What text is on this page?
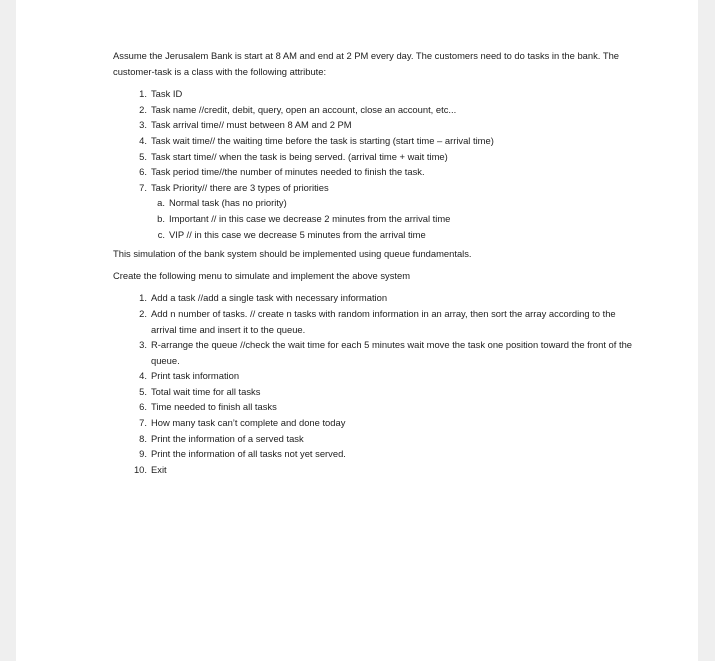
Assume the Jerusalem Bank is start at 8 AM and end at 2 PM every day. The customers need to do tasks in the bank. The customer-task is a class with the following attribute:

1. Task ID
2. Task name //credit, debit, query, open an account, close an account, etc...
3. Task arrival time// must between 8 AM and 2 PM
4. Task wait time// the waiting time before the task is starting (start time – arrival time)
5. Task start time// when the task is being served. (arrival time + wait time)
6. Task period time//the number of minutes needed to finish the task.
7. Task Priority// there are 3 types of priorities
a. Normal task (has no priority)
b. Important // in this case we decrease 2 minutes from the arrival time
c. VIP // in this case we decrease 5 minutes from the arrival time

This simulation of the bank system should be implemented using queue fundamentals.

Create the following menu to simulate and implement the above system

1. Add a task //add a single task with necessary information
2. Add n number of tasks. // create n tasks with random information in an array, then sort the array according to the arrival time and insert it to the queue.
3. R-arrange the queue //check the wait time for each 5 minutes wait move the task one position toward the front of the queue.
4. Print task information
5. Total wait time for all tasks
6. Time needed to finish all tasks
7. How many task can’t complete and done today
8. Print the information of a served task
9. Print the information of all tasks not yet served.
10. Exit
